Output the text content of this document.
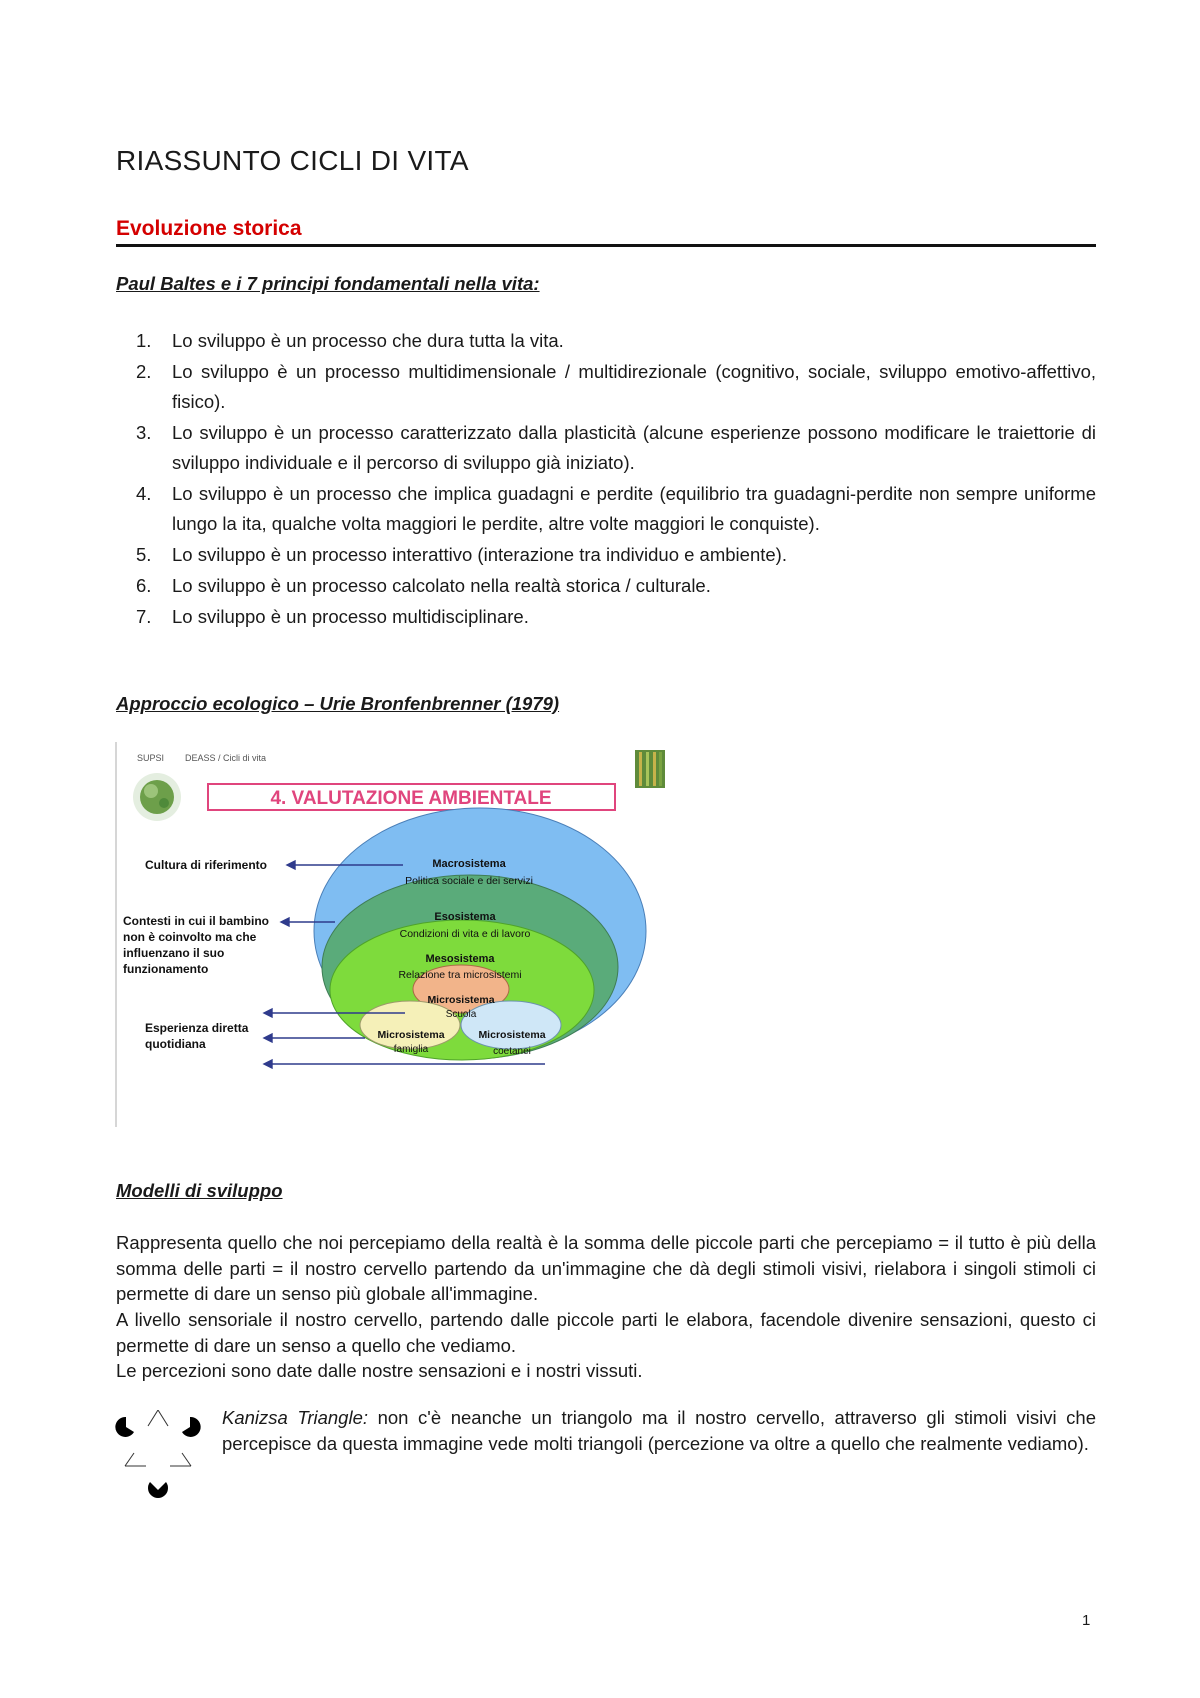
RIASSUNTO CICLI DI VITA
Evoluzione storica
Paul Baltes e i 7 principi fondamentali nella vita:
1. Lo sviluppo è un processo che dura tutta la vita.
2. Lo sviluppo è un processo multidimensionale / multidirezionale (cognitivo, sociale, sviluppo emotivo-affettivo, fisico).
3. Lo sviluppo è un processo caratterizzato dalla plasticità (alcune esperienze possono modificare le traiettorie di sviluppo individuale e il percorso di sviluppo già iniziato).
4. Lo sviluppo è un processo che implica guadagni e perdite (equilibrio tra guadagni-perdite non sempre uniforme lungo la ita, qualche volta maggiori le perdite, altre volte maggiori le conquiste).
5. Lo sviluppo è un processo interattivo (interazione tra individuo e ambiente).
6. Lo sviluppo è un processo calcolato nella realtà storica / culturale.
7. Lo sviluppo è un processo multidisciplinare.
Approccio ecologico – Urie Bronfenbrenner (1979)
SUPSI DEASS / Cicli di vita
4. VALUTAZIONE AMBIENTALE
Macrosistema
Politica sociale e dei servizi
Esosistema
Condizioni di vita e di lavoro
Mesosistema
Relazione tra microsistemi
Microsistema
Scuola
Microsistema
famiglia
Microsistema
coetanei
Cultura di riferimento
Contesti in cui il bambino
non è coinvolto ma che
influenzano il suo
funzionamento
Esperienza diretta
quotidiana
Modelli di sviluppo

Rappresenta quello che noi percepiamo della realtà è la somma delle piccole parti che percepiamo = il tutto è più della somma delle parti = il nostro cervello partendo da un'immagine che dà degli stimoli visivi, rielabora i singoli stimoli ci permette di dare un senso più globale all'immagine.

A livello sensoriale il nostro cervello, partendo dalle piccole parti le elabora, facendole divenire sensazioni, questo ci permette di dare un senso a quello che vediamo.

Le percezioni sono date dalle nostre sensazioni e i nostri vissuti.

Kanizsa Triangle: non c'è neanche un triangolo ma il nostro cervello, attraverso gli stimoli visivi che percepisce da questa immagine vede molti triangoli (percezione va oltre a quello che realmente vediamo).

1
